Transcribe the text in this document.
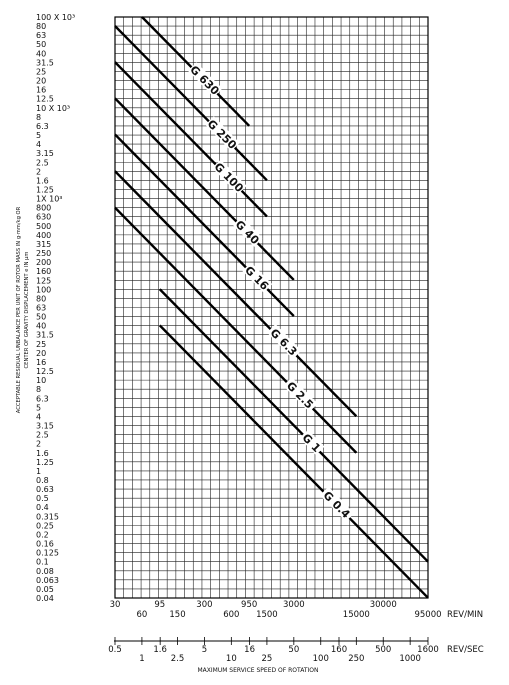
ACCEPTABLE RESIDUAL UNBALANCE PER UNIT OF ROTOR MASS IN g·mm/kg OR CENTER OF GRAVITY DISPLACEMENT e IN μm
G 630
G 250
G 100
G 40
G 16
G 6.3
G 2.5
G 1
G 0.4
100 X 10³
80
63
50
40
31.5
25
20
16
12.5
10 X 10³
8
6.3
5
4
3.15
2.5
2
1.6
1.25
1X 10³
800
630
500
400
315
250
200
160
125
100
80
63
50
40
31.5
25
20
16
12.5
10
8
6.3
5
4
3.15
2.5
2
1.6
1.25
1
0.8
0.63
0.5
0.4
0.315
0.25
0.2
0.16
0.125
0.1
0.08
0.063
0.05
0.04
30
60
95
150
300
600
950
1500
3000
15000
30000
95000 REV/MIN
0.5
1
1.6
2.5
5
10
16
25
50
100
160
250
500
1000
1600 REV/SEC
MAXIMUM SERVICE SPEED OF ROTATION
